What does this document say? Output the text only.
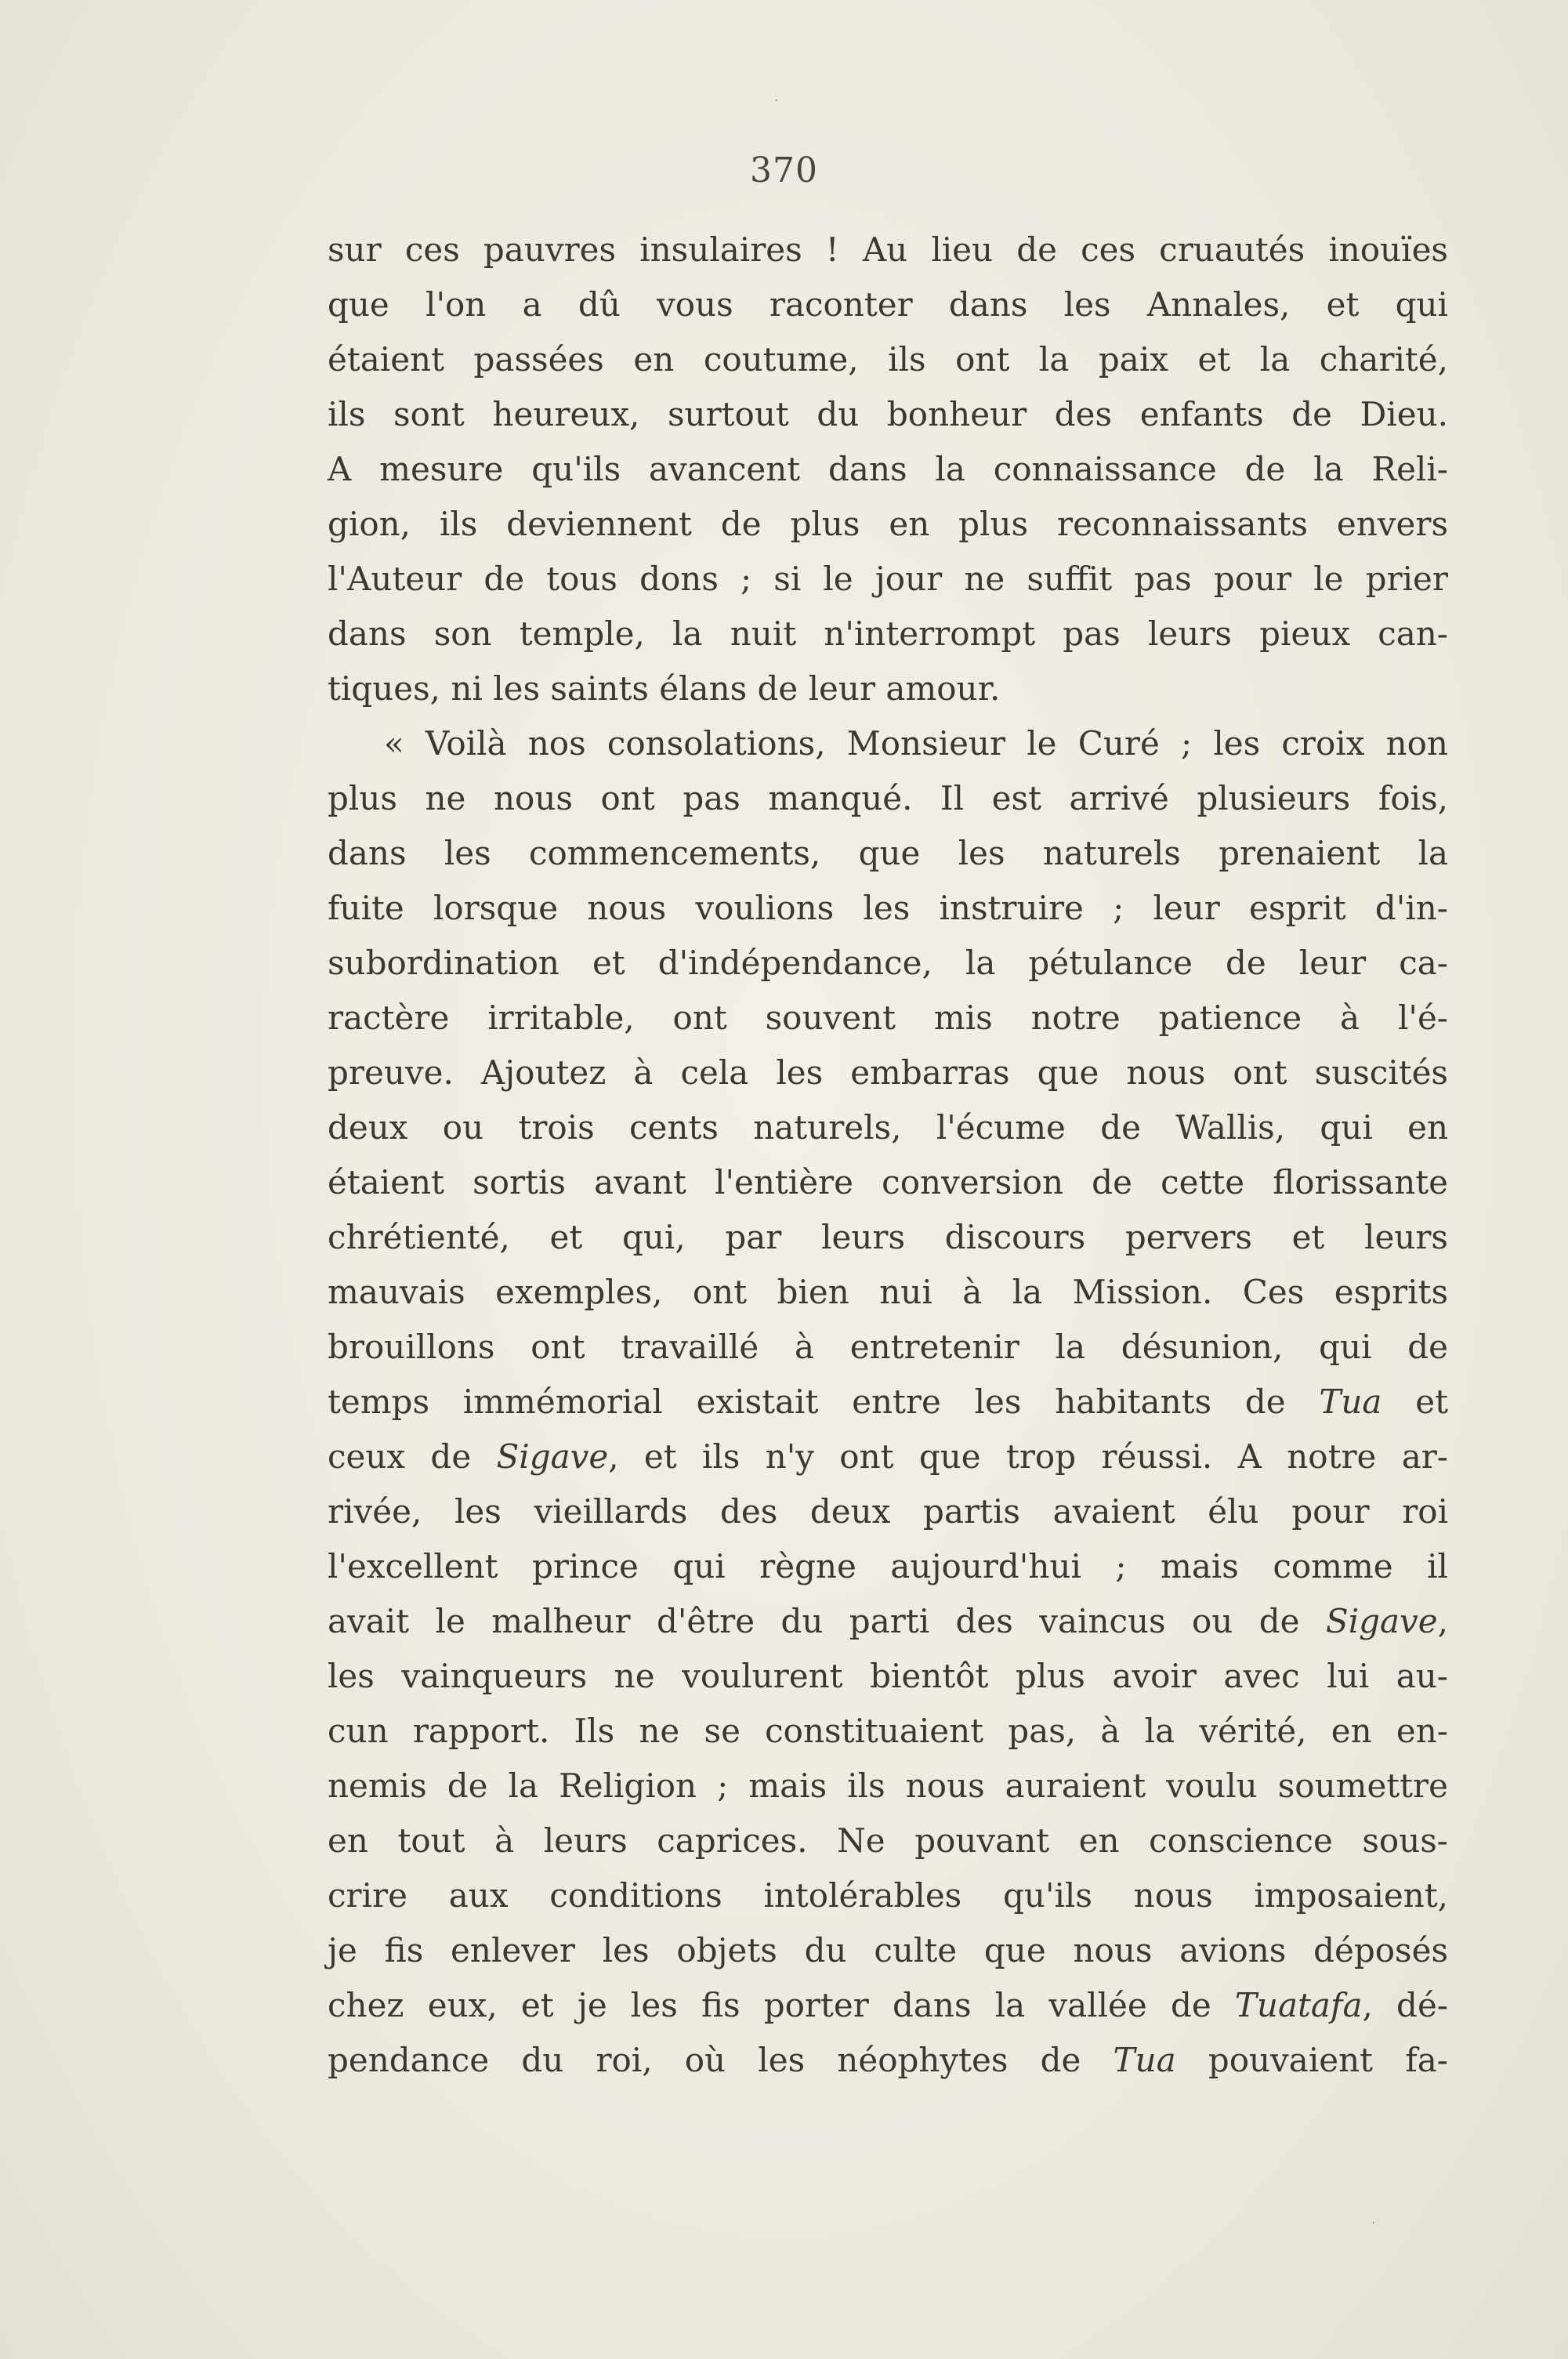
370
sur ces pauvres insulaires ! Au lieu de ces cruautés inouïes
que l'on a dû vous raconter dans les Annales, et qui
étaient passées en coutume, ils ont la paix et la charité,
ils sont heureux, surtout du bonheur des enfants de Dieu.
A mesure qu'ils avancent dans la connaissance de la Reli-
gion, ils deviennent de plus en plus reconnaissants envers
l'Auteur de tous dons ; si le jour ne suffit pas pour le prier
dans son temple, la nuit n'interrompt pas leurs pieux can-
tiques, ni les saints élans de leur amour.
« Voilà nos consolations, Monsieur le Curé ; les croix non
plus ne nous ont pas manqué. Il est arrivé plusieurs fois,
dans les commencements, que les naturels prenaient la
fuite lorsque nous voulions les instruire ; leur esprit d'in-
subordination et d'indépendance, la pétulance de leur ca-
ractère irritable, ont souvent mis notre patience à l'é-
preuve. Ajoutez à cela les embarras que nous ont suscités
deux ou trois cents naturels, l'écume de Wallis, qui en
étaient sortis avant l'entière conversion de cette florissante
chrétienté, et qui, par leurs discours pervers et leurs
mauvais exemples, ont bien nui à la Mission. Ces esprits
brouillons ont travaillé à entretenir la désunion, qui de
temps immémorial existait entre les habitants de Tua et
ceux de Sigave, et ils n'y ont que trop réussi. A notre ar-
rivée, les vieillards des deux partis avaient élu pour roi
l'excellent prince qui règne aujourd'hui ; mais comme il
avait le malheur d'être du parti des vaincus ou de Sigave,
les vainqueurs ne voulurent bientôt plus avoir avec lui au-
cun rapport. Ils ne se constituaient pas, à la vérité, en en-
nemis de la Religion ; mais ils nous auraient voulu soumettre
en tout à leurs caprices. Ne pouvant en conscience sous-
crire aux conditions intolérables qu'ils nous imposaient,
je fis enlever les objets du culte que nous avions déposés
chez eux, et je les fis porter dans la vallée de Tuatafa, dé-
pendance du roi, où les néophytes de Tua pouvaient fa-
·
·
